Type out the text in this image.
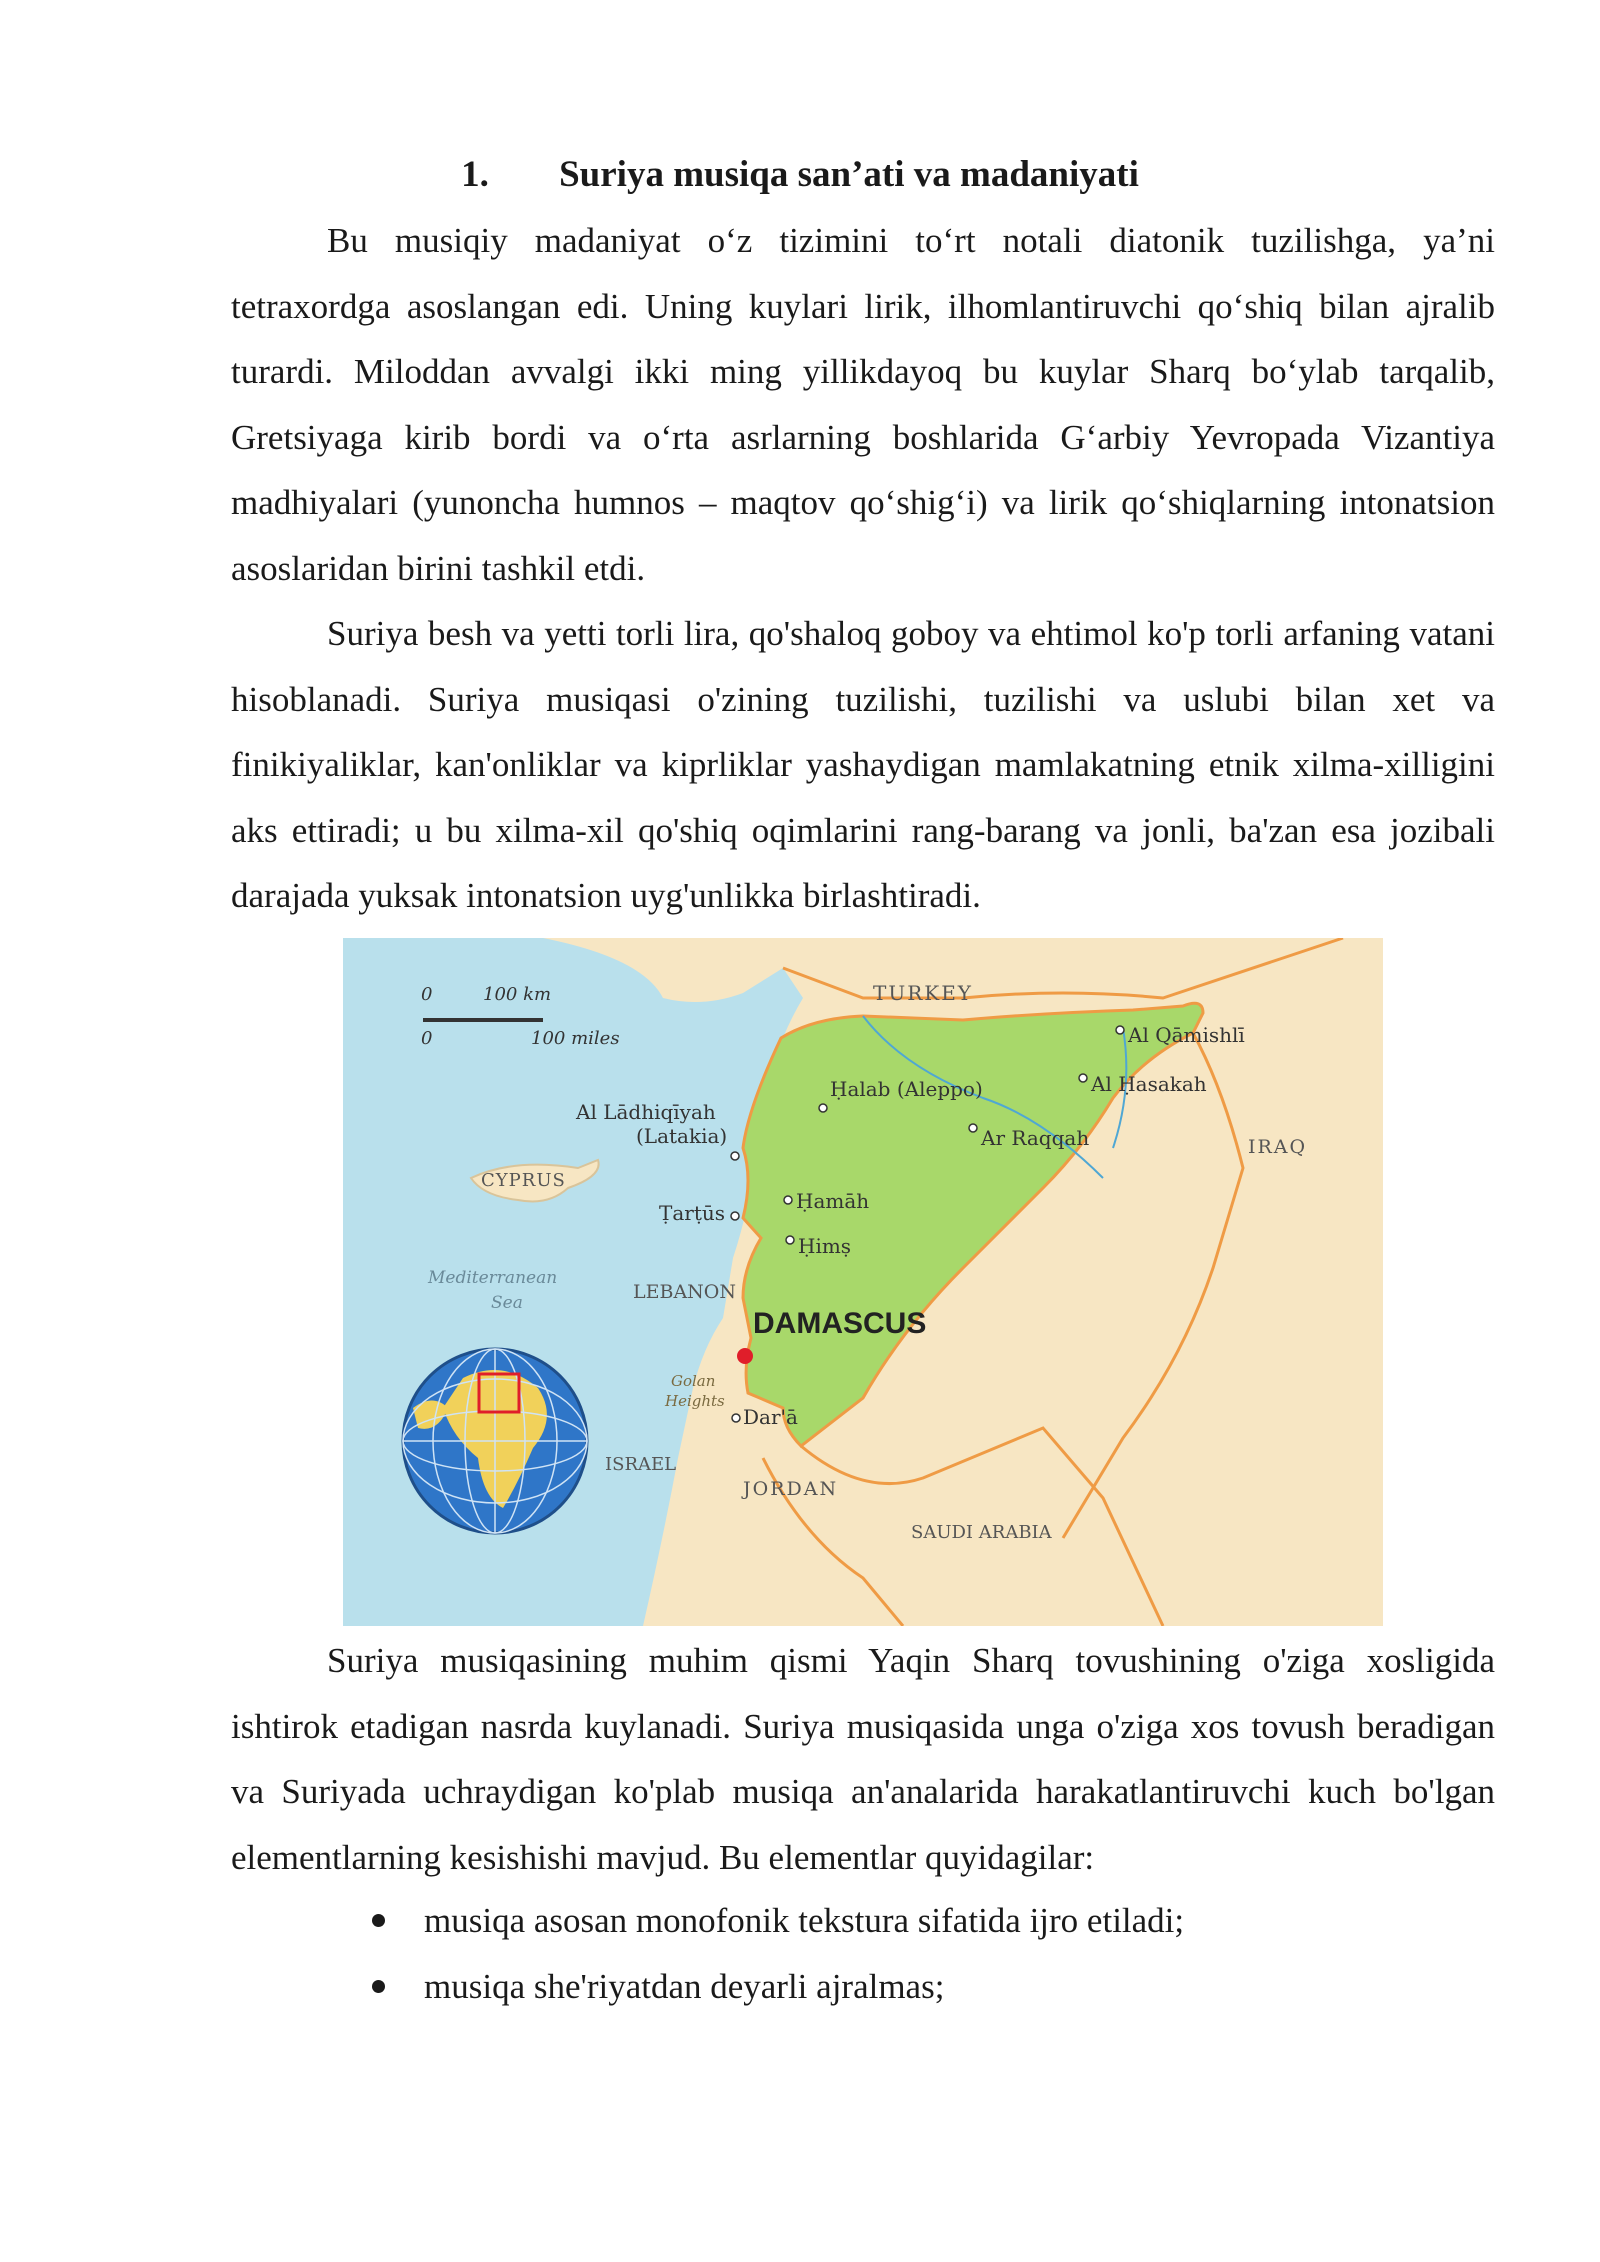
1. Suriya musiqa san’ati va madaniyati

Bu musiqiy madaniyat o‘z tizimini to‘rt notali diatonik tuzilishga, ya’ni tetraxordga asoslangan edi. Uning kuylari lirik, ilhomlantiruvchi qo‘shiq bilan ajralib turardi. Miloddan avvalgi ikki ming yillikdayoq bu kuylar Sharq bo‘ylab tarqalib, Gretsiyaga kirib bordi va o‘rta asrlarning boshlarida G‘arbiy Yevropada Vizantiya madhiyalari (yunoncha humnos – maqtov qo‘shig‘i) va lirik qo‘shiqlarning intonatsion asoslaridan birini tashkil etdi.

Suriya besh va yetti torli lira, qo'shaloq goboy va ehtimol ko'p torli arfaning vatani hisoblanadi. Suriya musiqasi o'zining tuzilishi, tuzilishi va uslubi bilan xet va finikiyaliklar, kan'onliklar va kiprliklar yashaydigan mamlakatning etnik xilma-xilligini aks ettiradi; u bu xilma-xil qo'shiq oqimlarini rang-barang va jonli, ba'zan esa jozibali darajada yuksak intonatsion uyg'unlikka birlashtiradi.

0	100 km
0	100 miles
TURKEY
IRAQ
CYPRUS
LEBANON
ISRAEL
JORDAN
SAUDI ARABIA
Mediterranean
Sea
Al Qāmishlī
Al Ḥasakah
Ḥalab (Aleppo)
Ar Raqqah
Al Lādhiqīyah
(Latakia)
Ḥamāh
Ṭarṭūs
Ḥimṣ
DAMASCUS
Dar'ā
Golan
Heights

Suriya musiqasining muhim qismi Yaqin Sharq tovushining o'ziga xosligida ishtirok etadigan nasrda kuylanadi. Suriya musiqasida unga o'ziga xos tovush beradigan va Suriyada uchraydigan ko'plab musiqa an'analarida harakatlantiruvchi kuch bo'lgan elementlarning kesishishi mavjud. Bu elementlar quyidagilar:

musiqa asosan monofonik tekstura sifatida ijro etiladi;
musiqa she'riyatdan deyarli ajralmas;
